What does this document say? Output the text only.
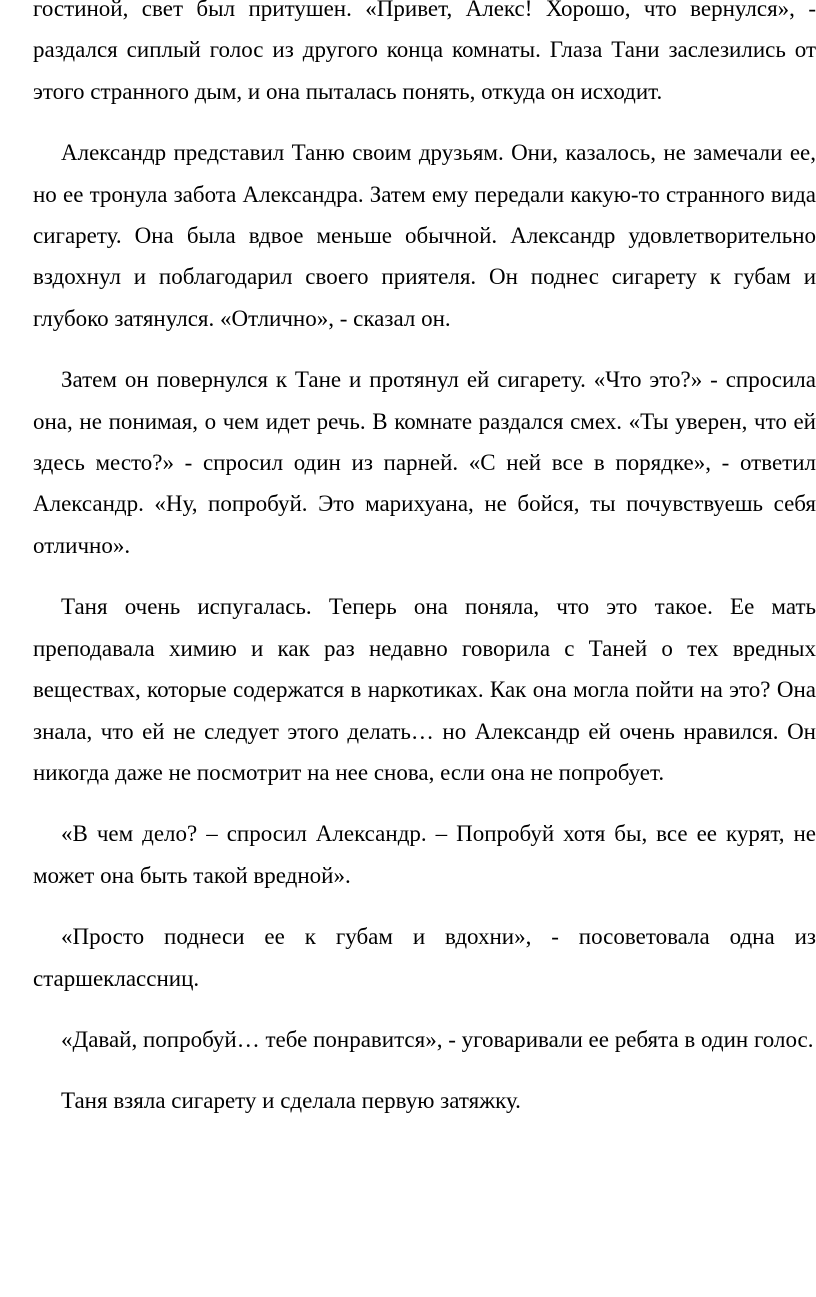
гостиной, свет был притушен. «Привет, Алекс! Хорошо, что вернулся», - раздался сиплый голос из другого конца комнаты. Глаза Тани заслезились от этого странного дым, и она пыталась понять, откуда он исходит.

Александр представил Таню своим друзьям. Они, казалось, не замечали ее, но ее тронула забота Александра. Затем ему передали какую-то странного вида сигарету. Она была вдвое меньше обычной. Александр удовлетворительно вздохнул и поблагодарил своего приятеля. Он поднес сигарету к губам и глубоко затянулся. «Отлично», - сказал он.

Затем он повернулся к Тане и протянул ей сигарету. «Что это?» - спросила она, не понимая, о чем идет речь. В комнате раздался смех. «Ты уверен, что ей здесь место?» - спросил один из парней. «С ней все в порядке», - ответил Александр. «Ну, попробуй. Это марихуана, не бойся, ты почувствуешь себя отлично».

Таня очень испугалась. Теперь она поняла, что это такое. Ее мать преподавала химию и как раз недавно говорила с Таней о тех вредных веществах, которые содержатся в наркотиках. Как она могла пойти на это? Она знала, что ей не следует этого делать… но Александр ей очень нравился. Он никогда даже не посмотрит на нее снова, если она не попробует.

«В чем дело? – спросил Александр. – Попробуй хотя бы, все ее курят, не может она быть такой вредной».

«Просто поднеси ее к губам и вдохни», - посоветовала одна из старшеклассниц.

«Давай, попробуй… тебе понравится», - уговаривали ее ребята в один голос.

Таня взяла сигарету и сделала первую затяжку.
